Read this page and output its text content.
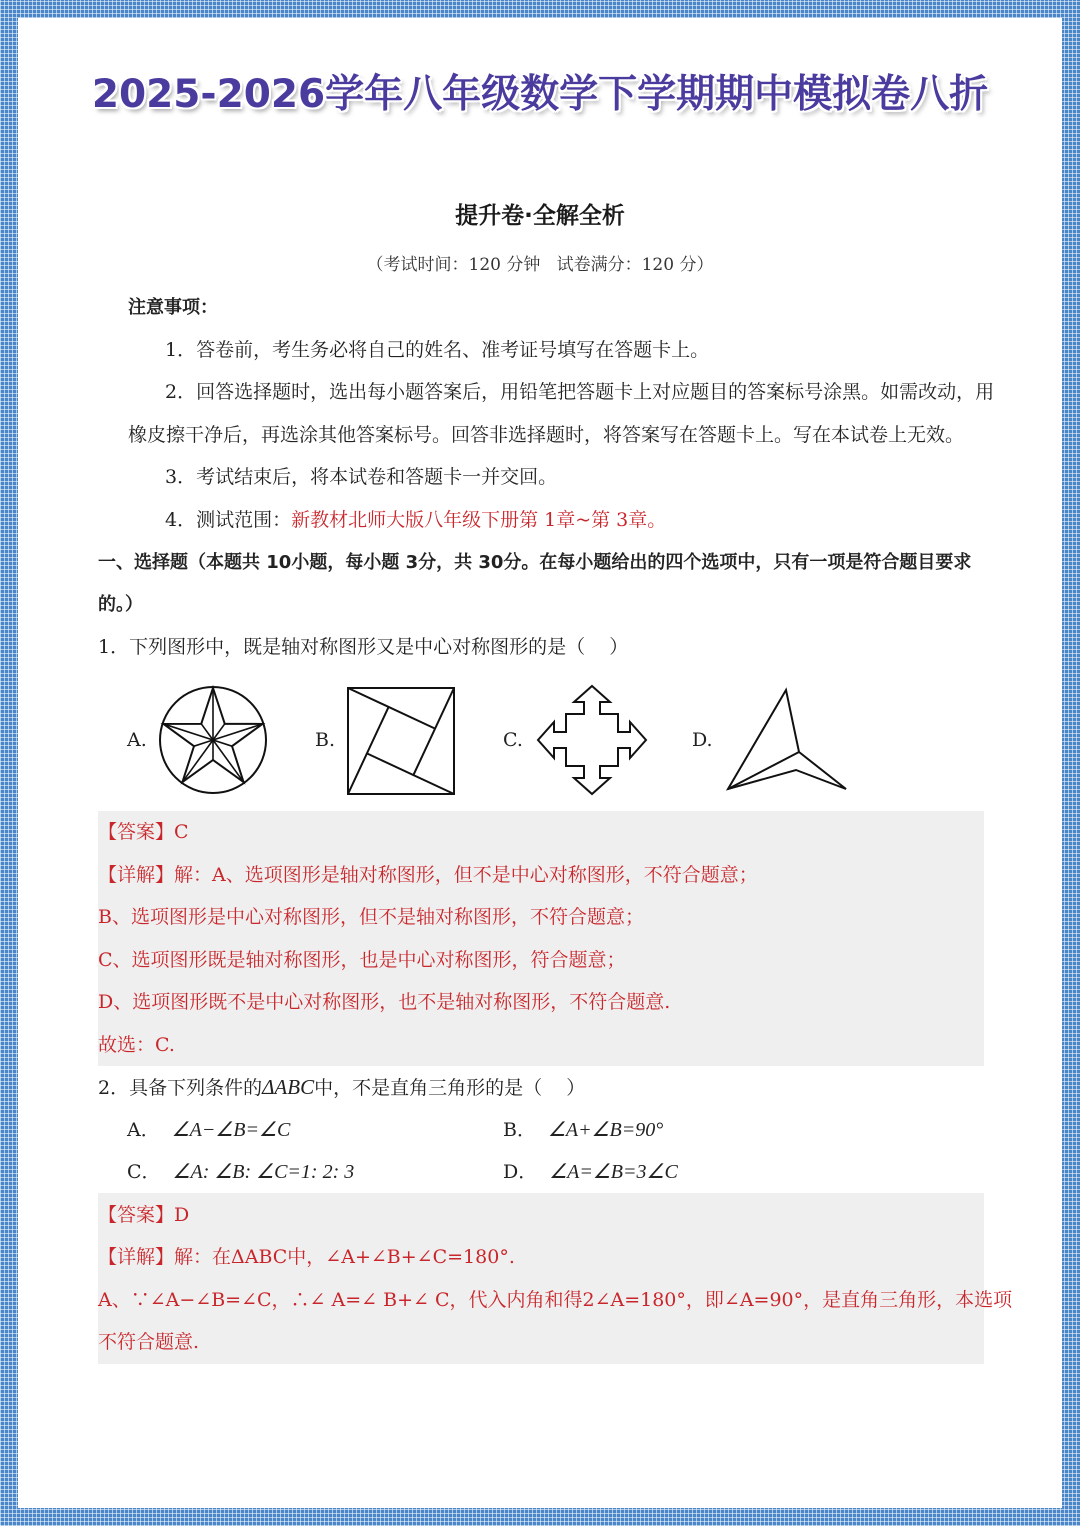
2025-2026学年八年级数学下学期期中模拟卷八折
提升卷·全解全析
（考试时间：120 分钟   试卷满分：120 分）
注意事项：
1．答卷前，考生务必将自己的姓名、准考证号填写在答题卡上。
2．回答选择题时，选出每小题答案后，用铅笔把答题卡上对应题目的答案标号涂黑。如需改动，用
橡皮擦干净后，再选涂其他答案标号。回答非选择题时，将答案写在答题卡上。写在本试卷上无效。
3．考试结束后，将本试卷和答题卡一并交回。
4．测试范围：新教材北师大版八年级下册第 1章~第 3章。
一、选择题（本题共 10小题，每小题 3分，共 30分。在每小题给出的四个选项中，只有一项是符合题目要求
的。）
1．下列图形中，既是轴对称图形又是中心对称图形的是（    ）
A.	B.	C.	D.
【答案】C
【详解】解：A、选项图形是轴对称图形，但不是中心对称图形，不符合题意；
B、选项图形是中心对称图形，但不是轴对称图形，不符合题意；
C、选项图形既是轴对称图形，也是中心对称图形，符合题意；
D、选项图形既不是中心对称图形，也不是轴对称图形，不符合题意.
故选：C.
2．具备下列条件的ΔABC中，不是直角三角形的是（    ）
A． ∠A−∠B=∠C	B． ∠A+∠B=90°
C． ∠A: ∠B: ∠C=1: 2: 3	D． ∠A=∠B=3∠C
【答案】D
【详解】解：在ΔABC中，∠A+∠B+∠C=180°.
A、∵∠A−∠B=∠C，∴∠ A=∠ B+∠ C，代入内角和得2∠A=180°，即∠A=90°，是直角三角形，本选项
不符合题意.
